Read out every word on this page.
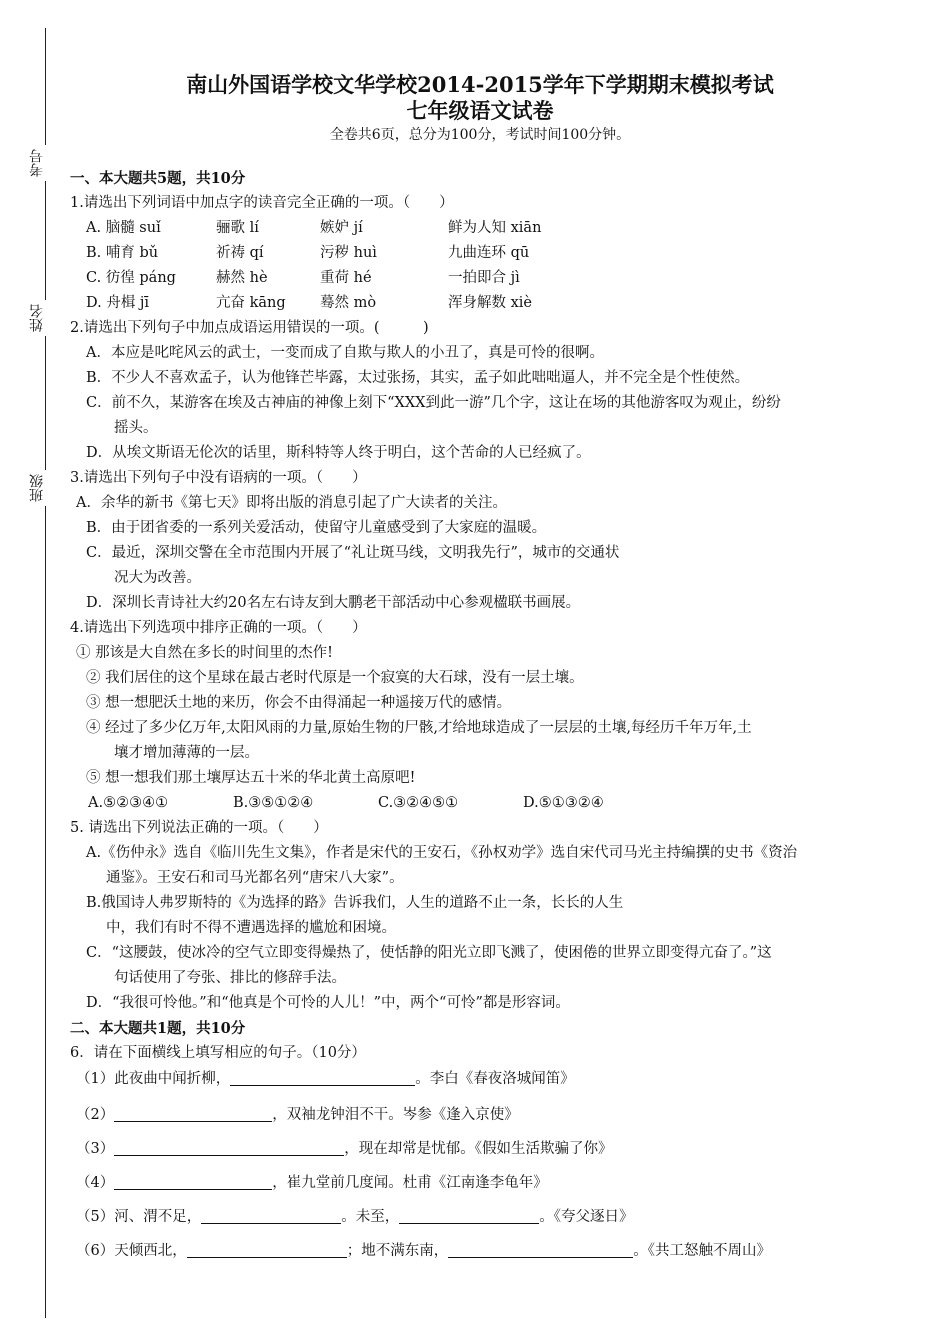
考号
姓名
班级
南山外国语学校文华学校2014-2015学年下学期期末模拟考试
七年级语文试卷
全卷共6页，总分为100分，考试时间100分钟。
一、本大题共5题，共10分
1.请选出下列词语中加点字的读音完全正确的一项。（　　）
A. 脑髓 suǐ	骊歌 lí	嫉妒 jí	鲜为人知 xiān
B. 哺育 bǔ	祈祷 qí	污秽 huì	九曲连环 qū
C. 彷徨 páng	赫然 hè	重荷 hé	一拍即合 jì
D. 舟楫 jī	亢奋 kāng	蓦然 mò	浑身解数 xiè
2.请选出下列句子中加点成语运用错误的一项。(　　　)
A．本应是叱咤风云的武士，一变而成了自欺与欺人的小丑了，真是可怜的很啊。
B．不少人不喜欢孟子，认为他锋芒毕露，太过张扬，其实，孟子如此咄咄逼人，并不完全是个性使然。
C．前不久，某游客在埃及古神庙的神像上刻下“XXX到此一游”几个字，这让在场的其他游客叹为观止，纷纷
摇头。
D．从埃文斯语无伦次的话里，斯科特等人终于明白，这个苦命的人已经疯了。
3.请选出下列句子中没有语病的一项。（　　）
A．余华的新书《第七天》即将出版的消息引起了广大读者的关注。
B．由于团省委的一系列关爱活动，使留守儿童感受到了大家庭的温暖。
C．最近，深圳交警在全市范围内开展了“礼让斑马线，文明我先行”，城市的交通状
况大为改善。
D．深圳长青诗社大约20名左右诗友到大鹏老干部活动中心参观楹联书画展。
4.请选出下列选项中排序正确的一项。（　　）
① 那该是大自然在多长的时间里的杰作!
② 我们居住的这个星球在最古老时代原是一个寂寞的大石球，没有一层土壤。
③ 想一想肥沃土地的来历，你会不由得涌起一种遥接万代的感情。
④ 经过了多少亿万年,太阳风雨的力量,原始生物的尸骸,才给地球造成了一层层的土壤,每经历千年万年,土
壤才增加薄薄的一层。
⑤ 想一想我们那土壤厚达五十米的华北黄土高原吧!
A.⑤②③④①	B.③⑤①②④	C.③②④⑤①	D.⑤①③②④
5. 请选出下列说法正确的一项。（　　）
A.《伤仲永》选自《临川先生文集》，作者是宋代的王安石，《孙权劝学》选自宋代司马光主持编撰的史书《资治
通鉴》。王安石和司马光都名列“唐宋八大家”。
B.俄国诗人弗罗斯特的《为选择的路》告诉我们，人生的道路不止一条，长长的人生
中，我们有时不得不遭遇选择的尴尬和困境。
C．“这腰鼓，使冰冷的空气立即变得燥热了，使恬静的阳光立即飞溅了，使困倦的世界立即变得亢奋了。”这
句话使用了夸张、排比的修辞手法。
D．“我很可怜他。”和“他真是个可怜的人儿！”中，两个“可怜”都是形容词。
二、本大题共1题，共10分
6．请在下面横线上填写相应的句子。（10分）
（1）此夜曲中闻折柳，	。李白《春夜洛城闻笛》
（2）	，双袖龙钟泪不干。岑参《逢入京使》
（3）	，现在却常是忧郁。《假如生活欺骗了你》
（4）	，崔九堂前几度闻。杜甫《江南逢李龟年》
（5）河、渭不足，	。未至，	。《夸父逐日》
（6）天倾西北，	；地不满东南，	。《共工怒触不周山》
